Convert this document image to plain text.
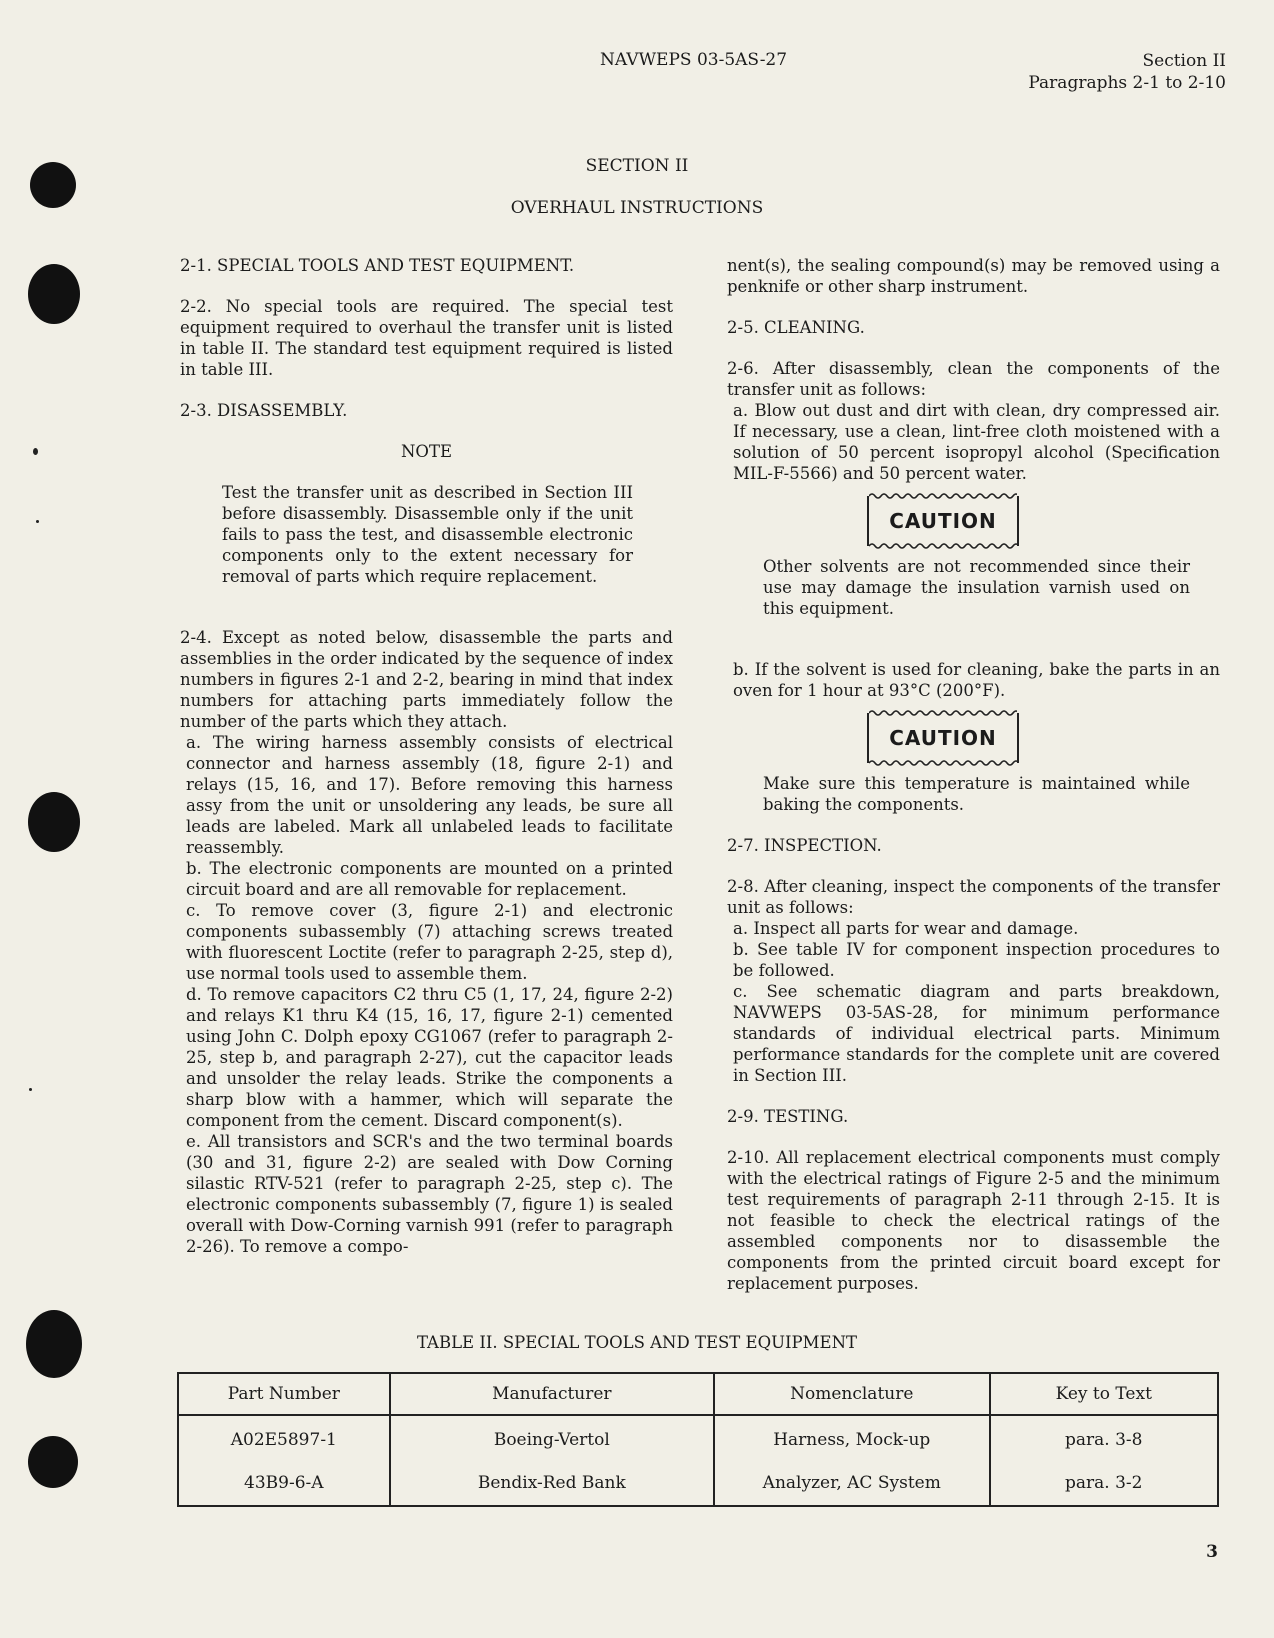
NAVWEPS 03-5AS-27	Section II
Paragraphs 2-1 to 2-10
SECTION II
OVERHAUL INSTRUCTIONS

2-1. SPECIAL TOOLS AND TEST EQUIPMENT.

2-2. No special tools are required. The special test equipment required to overhaul the transfer unit is listed in table II. The standard test equipment required is listed in table III.

2-3. DISASSEMBLY.

NOTE

Test the transfer unit as described in Section III before disassembly. Disassemble only if the unit fails to pass the test, and disassemble electronic components only to the extent necessary for removal of parts which require replacement.

2-4. Except as noted below, disassemble the parts and assemblies in the order indicated by the sequence of index numbers in figures 2-1 and 2-2, bearing in mind that index numbers for attaching parts immediately follow the number of the parts which they attach.

a. The wiring harness assembly consists of electrical connector and harness assembly (18, figure 2-1) and relays (15, 16, and 17). Before removing this harness assy from the unit or unsoldering any leads, be sure all leads are labeled. Mark all unlabeled leads to facilitate reassembly.

b. The electronic components are mounted on a printed circuit board and are all removable for replacement.

c. To remove cover (3, figure 2-1) and electronic components subassembly (7) attaching screws treated with fluorescent Loctite (refer to paragraph 2-25, step d), use normal tools used to assemble them.

d. To remove capacitors C2 thru C5 (1, 17, 24, figure 2-2) and relays K1 thru K4 (15, 16, 17, figure 2-1) cemented using John C. Dolph epoxy CG1067 (refer to paragraph 2-25, step b, and paragraph 2-27), cut the capacitor leads and unsolder the relay leads. Strike the components a sharp blow with a hammer, which will separate the component from the cement. Discard component(s).

e. All transistors and SCR's and the two terminal boards (30 and 31, figure 2-2) are sealed with Dow Corning silastic RTV-521 (refer to paragraph 2-25, step c). The electronic components subassembly (7, figure 1) is sealed overall with Dow-Corning varnish 991 (refer to paragraph 2-26). To remove a compo-

nent(s), the sealing compound(s) may be removed using a penknife or other sharp instrument.

2-5. CLEANING.

2-6. After disassembly, clean the components of the transfer unit as follows:

a. Blow out dust and dirt with clean, dry compressed air. If necessary, use a clean, lint-free cloth moistened with a solution of 50 percent isopropyl alcohol (Specification MIL-F-5566) and 50 percent water.

CAUTION

Other solvents are not recommended since their use may damage the insulation varnish used on this equipment.

b. If the solvent is used for cleaning, bake the parts in an oven for 1 hour at 93°C (200°F).

CAUTION

Make sure this temperature is maintained while baking the components.

2-7. INSPECTION.

2-8. After cleaning, inspect the components of the transfer unit as follows:

a. Inspect all parts for wear and damage.

b. See table IV for component inspection procedures to be followed.

c. See schematic diagram and parts breakdown, NAVWEPS 03-5AS-28, for minimum performance standards of individual electrical parts. Minimum performance standards for the complete unit are covered in Section III.

2-9. TESTING.

2-10. All replacement electrical components must comply with the electrical ratings of Figure 2-5 and the minimum test requirements of paragraph 2-11 through 2-15. It is not feasible to check the electrical ratings of the assembled components nor to disassemble the components from the printed circuit board except for replacement purposes.

TABLE II. SPECIAL TOOLS AND TEST EQUIPMENT
Part Number	Manufacturer	Nomenclature	Key to Text
A02E5897-1	Boeing-Vertol	Harness, Mock-up	para. 3-8
43B9-6-A	Bendix-Red Bank	Analyzer, AC System	para. 3-2
3
